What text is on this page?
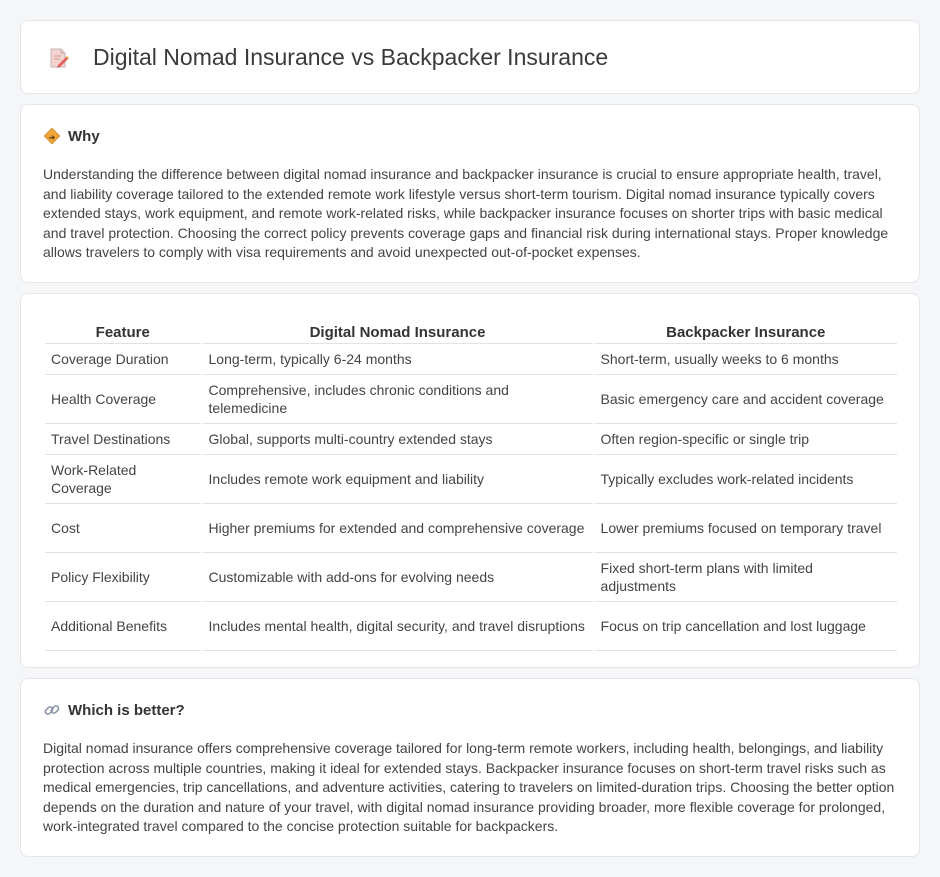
Digital Nomad Insurance vs Backpacker Insurance
Why

Understanding the difference between digital nomad insurance and backpacker insurance is crucial to ensure appropriate health, travel, and liability coverage tailored to the extended remote work lifestyle versus short-term tourism. Digital nomad insurance typically covers extended stays, work equipment, and remote work-related risks, while backpacker insurance focuses on shorter trips with basic medical and travel protection. Choosing the correct policy prevents coverage gaps and financial risk during international stays. Proper knowledge allows travelers to comply with visa requirements and avoid unexpected out-of-pocket expenses.

Feature	Digital Nomad Insurance	Backpacker Insurance
Coverage Duration	Long-term, typically 6-24 months	Short-term, usually weeks to 6 months
Health Coverage	Comprehensive, includes chronic conditions and telemedicine	Basic emergency care and accident coverage
Travel Destinations	Global, supports multi-country extended stays	Often region-specific or single trip
Work-Related Coverage	Includes remote work equipment and liability	Typically excludes work-related incidents
Cost	Higher premiums for extended and comprehensive coverage	Lower premiums focused on temporary travel
Policy Flexibility	Customizable with add-ons for evolving needs	Fixed short-term plans with limited adjustments
Additional Benefits	Includes mental health, digital security, and travel disruptions	Focus on trip cancellation and lost luggage
Which is better?

Digital nomad insurance offers comprehensive coverage tailored for long-term remote workers, including health, belongings, and liability protection across multiple countries, making it ideal for extended stays. Backpacker insurance focuses on short-term travel risks such as medical emergencies, trip cancellations, and adventure activities, catering to travelers on limited-duration trips. Choosing the better option depends on the duration and nature of your travel, with digital nomad insurance providing broader, more flexible coverage for prolonged, work-integrated travel compared to the concise protection suitable for backpackers.
